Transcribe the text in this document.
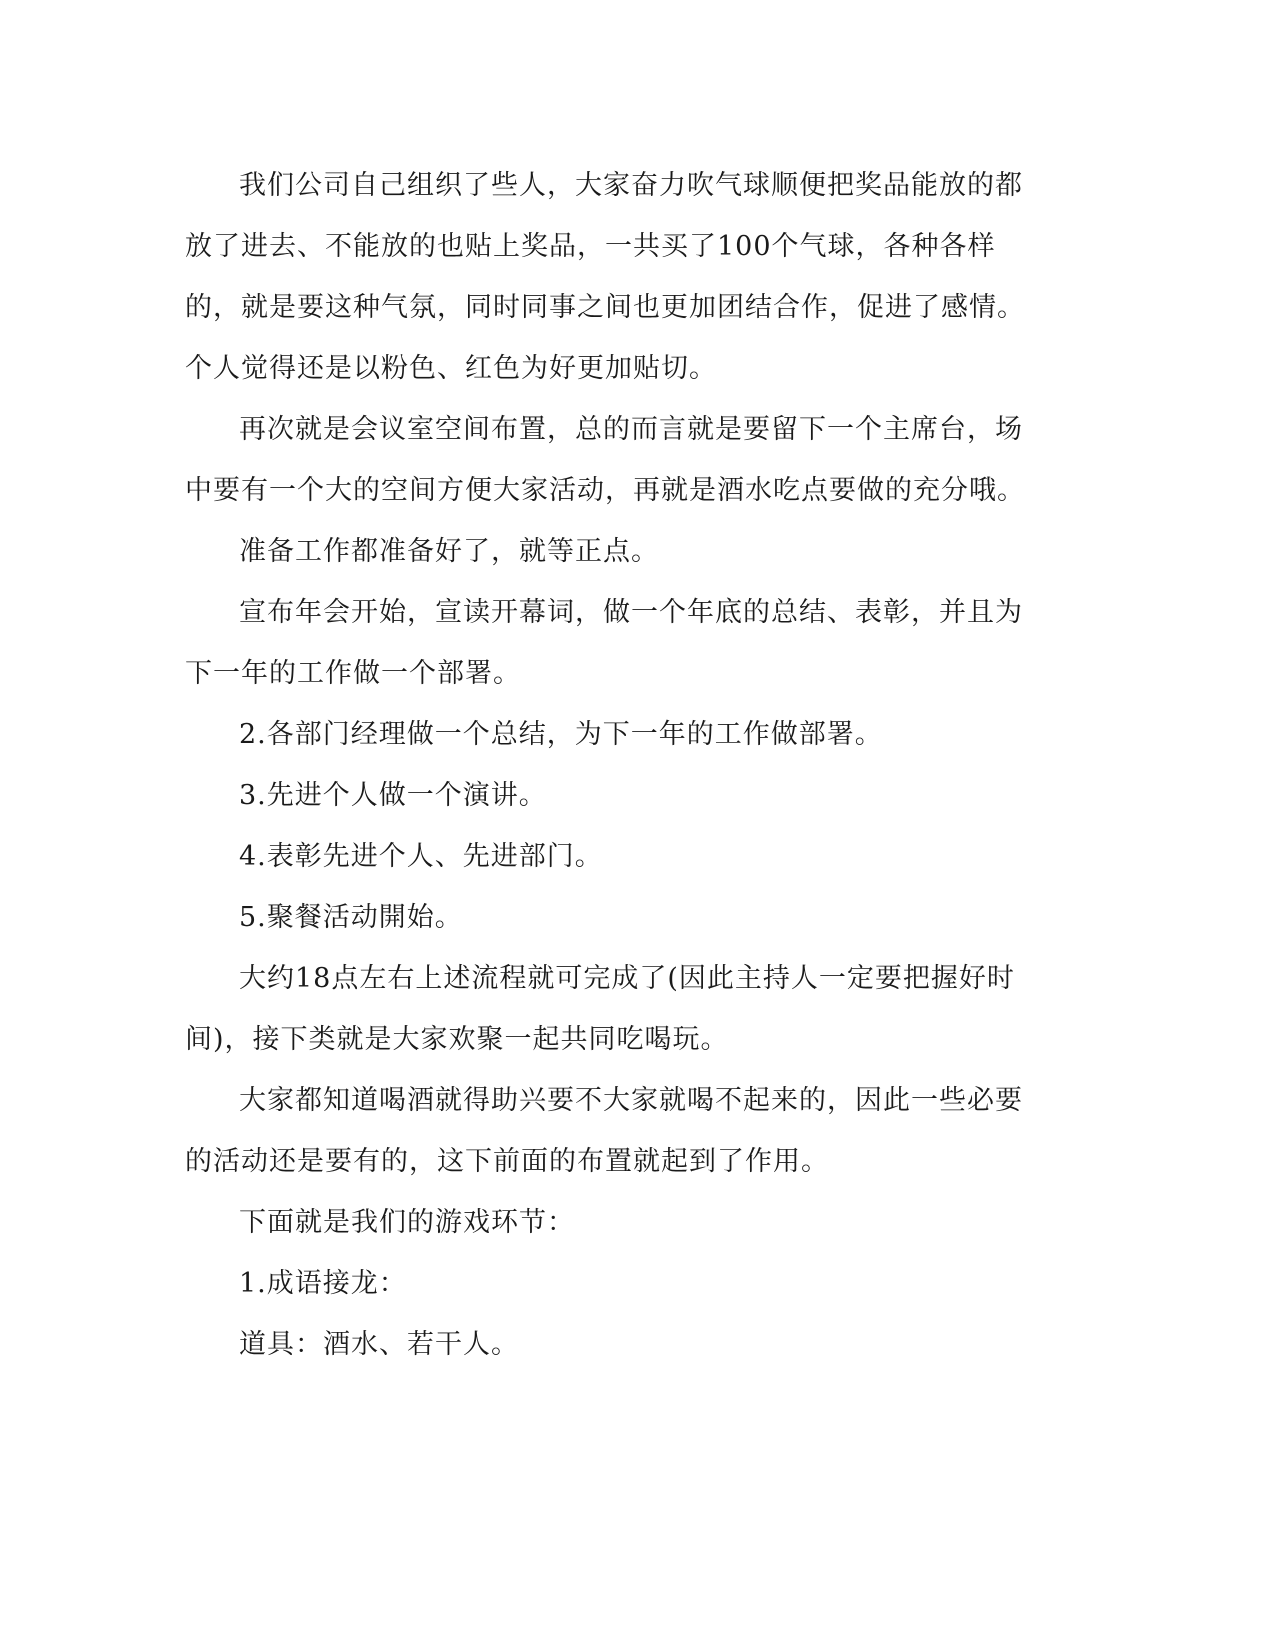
我们公司自己组织了些人，大家奋力吹气球顺便把奖品能放的都放了进去、不能放的也贴上奖品，一共买了100个气球，各种各样的，就是要这种气氛，同时同事之间也更加团结合作，促进了感情。个人觉得还是以粉色、红色为好更加贴切。

再次就是会议室空间布置，总的而言就是要留下一个主席台，场中要有一个大的空间方便大家活动，再就是酒水吃点要做的充分哦。

准备工作都准备好了，就等正点。

宣布年会开始，宣读开幕词，做一个年底的总结、表彰，并且为下一年的工作做一个部署。

2.各部门经理做一个总结，为下一年的工作做部署。

3.先进个人做一个演讲。

4.表彰先进个人、先进部门。

5.聚餐活动開始。

大约18点左右上述流程就可完成了(因此主持人一定要把握好时间)，接下类就是大家欢聚一起共同吃喝玩。

大家都知道喝酒就得助兴要不大家就喝不起来的，因此一些必要的活动还是要有的，这下前面的布置就起到了作用。

下面就是我们的游戏环节：

1.成语接龙：

道具：酒水、若干人。
